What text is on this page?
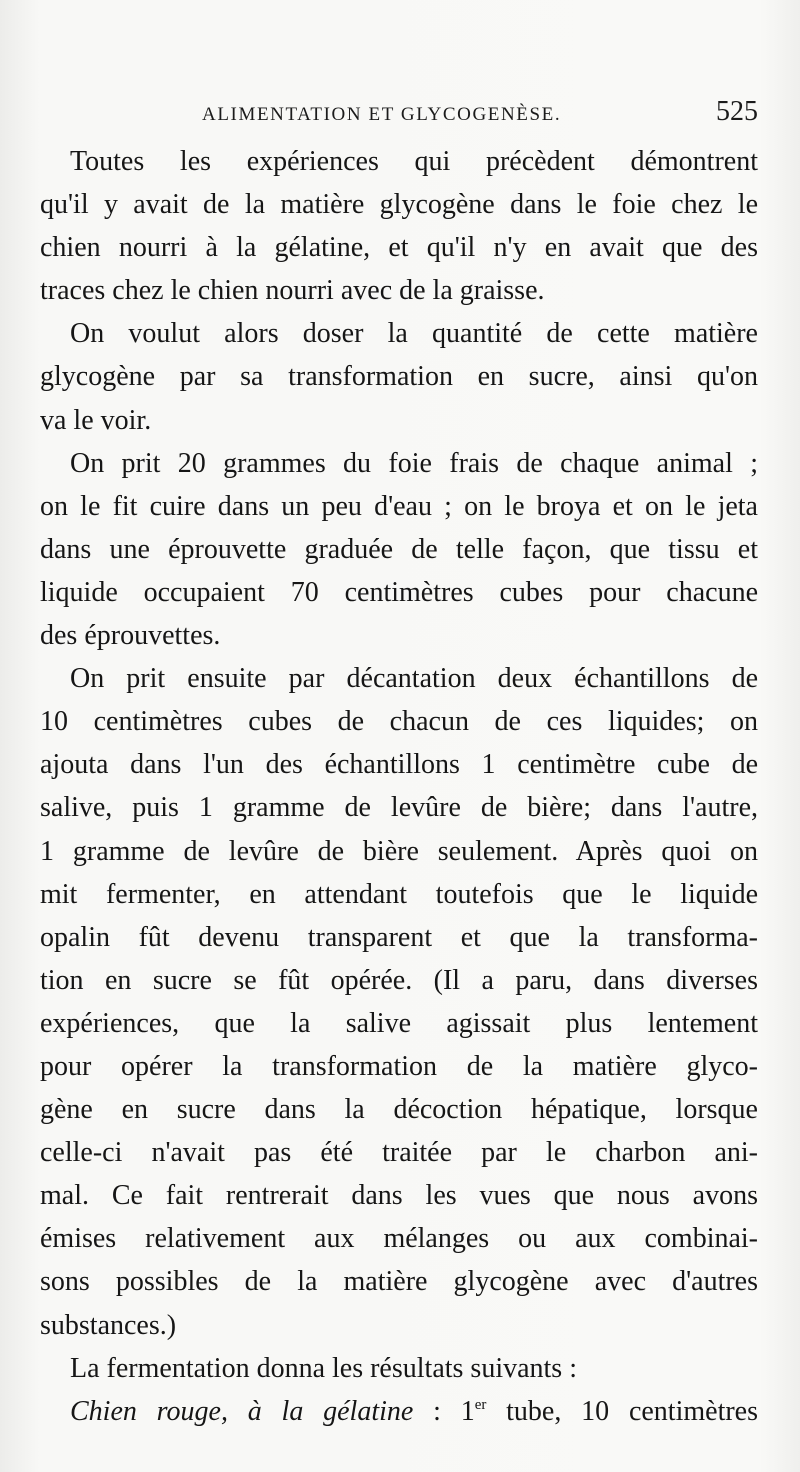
ALIMENTATION ET GLYCOGENÈSE.	525
Toutes les expériences qui précèdent démontrent
qu'il y avait de la matière glycogène dans le foie chez le
chien nourri à la gélatine, et qu'il n'y en avait que des
traces chez le chien nourri avec de la graisse.
On voulut alors doser la quantité de cette matière
glycogène par sa transformation en sucre, ainsi qu'on
va le voir.
On prit 20 grammes du foie frais de chaque animal ;
on le fit cuire dans un peu d'eau ; on le broya et on le jeta
dans une éprouvette graduée de telle façon, que tissu et
liquide occupaient 70 centimètres cubes pour chacune
des éprouvettes.
On prit ensuite par décantation deux échantillons de
10 centimètres cubes de chacun de ces liquides; on
ajouta dans l'un des échantillons 1 centimètre cube de
salive, puis 1 gramme de levûre de bière; dans l'autre,
1 gramme de levûre de bière seulement. Après quoi on
mit fermenter, en attendant toutefois que le liquide
opalin fût devenu transparent et que la transforma-
tion en sucre se fût opérée. (Il a paru, dans diverses
expériences, que la salive agissait plus lentement
pour opérer la transformation de la matière glyco-
gène en sucre dans la décoction hépatique, lorsque
celle-ci n'avait pas été traitée par le charbon ani-
mal. Ce fait rentrerait dans les vues que nous avons
émises relativement aux mélanges ou aux combinai-
sons possibles de la matière glycogène avec d'autres
substances.)
La fermentation donna les résultats suivants :
Chien rouge, à la gélatine : 1er tube, 10 centimètres
